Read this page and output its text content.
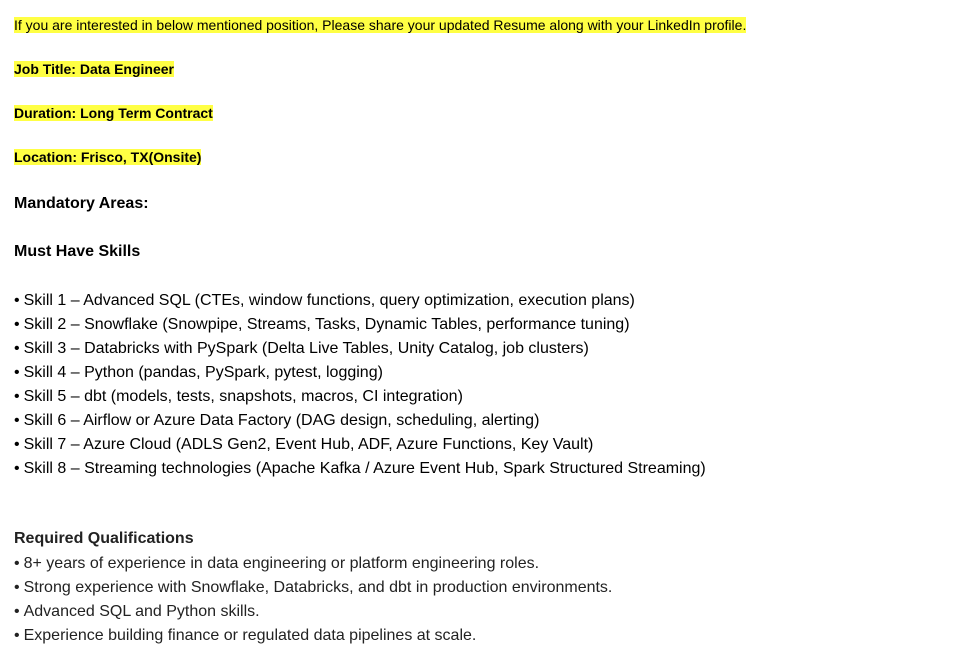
If you are interested in below mentioned position, Please share your updated Resume along with your LinkedIn profile.
Job Title: Data Engineer
Duration: Long Term Contract
Location: Frisco, TX(Onsite)
Mandatory Areas:
Must Have Skills
• Skill 1 – Advanced SQL (CTEs, window functions, query optimization, execution plans)
• Skill 2 – Snowflake (Snowpipe, Streams, Tasks, Dynamic Tables, performance tuning)
• Skill 3 – Databricks with PySpark (Delta Live Tables, Unity Catalog, job clusters)
• Skill 4 – Python (pandas, PySpark, pytest, logging)
• Skill 5 – dbt (models, tests, snapshots, macros, CI integration)
• Skill 6 – Airflow or Azure Data Factory (DAG design, scheduling, alerting)
• Skill 7 – Azure Cloud (ADLS Gen2, Event Hub, ADF, Azure Functions, Key Vault)
• Skill 8 – Streaming technologies (Apache Kafka / Azure Event Hub, Spark Structured Streaming)
Required Qualifications
• 8+ years of experience in data engineering or platform engineering roles.
• Strong experience with Snowflake, Databricks, and dbt in production environments.
• Advanced SQL and Python skills.
• Experience building finance or regulated data pipelines at scale.
